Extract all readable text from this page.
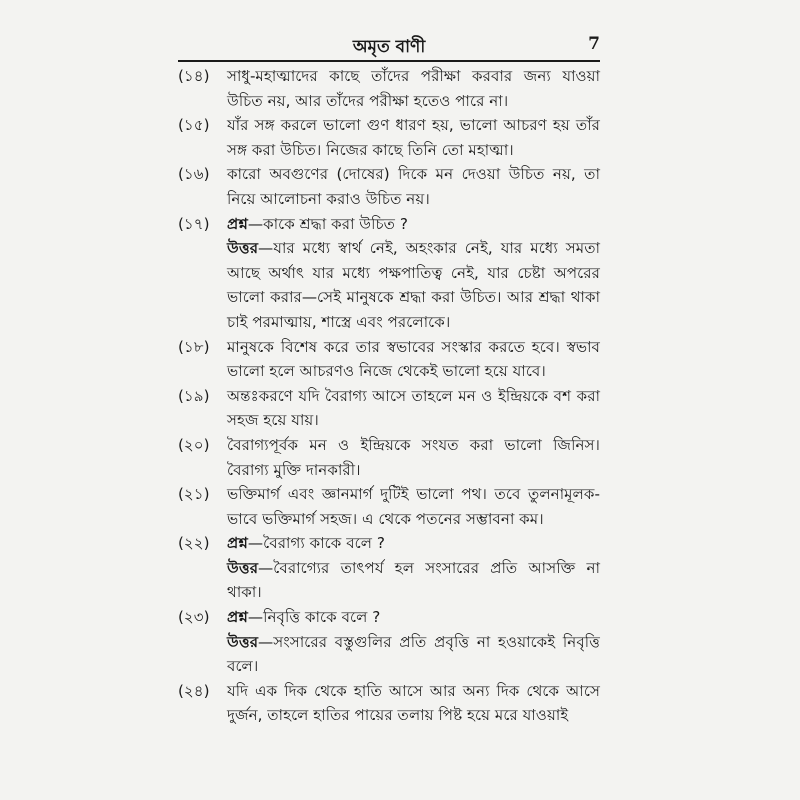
অমৃত বাণী	7
(১৪)	সাধু-মহাত্মাদের কাছে তাঁদের পরীক্ষা করবার জন্য যাওয়া উচিত নয়, আর তাঁদের পরীক্ষা হতেও পারে না।

(১৫)	যাঁর সঙ্গ করলে ভালো গুণ ধারণ হয়, ভালো আচরণ হয় তাঁর সঙ্গ করা উচিত। নিজের কাছে তিনি তো মহাত্মা।

(১৬)	কারো অবগুণের (দোষের) দিকে মন দেওয়া উচিত নয়, তা নিয়ে আলোচনা করাও উচিত নয়।

(১৭)	প্রশ্ন—কাকে শ্রদ্ধা করা উচিত ?

উত্তর—যার মধ্যে স্বার্থ নেই, অহংকার নেই, যার মধ্যে সমতা আছে অর্থাৎ যার মধ্যে পক্ষপাতিত্ব নেই, যার চেষ্টা অপরের ভালো করার—সেই মানুষকে শ্রদ্ধা করা উচিত। আর শ্রদ্ধা থাকা চাই পরমাত্মায়, শাস্ত্রে এবং পরলোকে।

(১৮)	মানুষকে বিশেষ করে তার স্বভাবের সংস্কার করতে হবে। স্বভাব ভালো হলে আচরণও নিজে থেকেই ভালো হয়ে যাবে।

(১৯)	অন্তঃকরণে যদি বৈরাগ্য আসে তাহলে মন ও ইন্দ্রিয়কে বশ করা সহজ হয়ে যায়।

(২০)	বৈরাগ্যপূর্বক মন ও ইন্দ্রিয়কে সংযত করা ভালো জিনিস। বৈরাগ্য মুক্তি দানকারী।

(২১)	ভক্তিমার্গ এবং জ্ঞানমার্গ দুটিই ভালো পথ। তবে তুলনামূলক-ভাবে ভক্তিমার্গ সহজ। এ থেকে পতনের সম্ভাবনা কম।

(২২)	প্রশ্ন—বৈরাগ্য কাকে বলে ?

উত্তর—বৈরাগ্যের তাৎপর্য হল সংসারের প্রতি আসক্তি না থাকা।

(২৩)	প্রশ্ন—নিবৃত্তি কাকে বলে ?

উত্তর—সংসারের বস্তুগুলির প্রতি প্রবৃত্তি না হওয়াকেই নিবৃত্তি বলে।

(২৪)	যদি এক দিক থেকে হাতি আসে আর অন্য দিক থেকে আসে দুর্জন, তাহলে হাতির পায়ের তলায় পিষ্ট হয়ে মরে যাওয়াই
